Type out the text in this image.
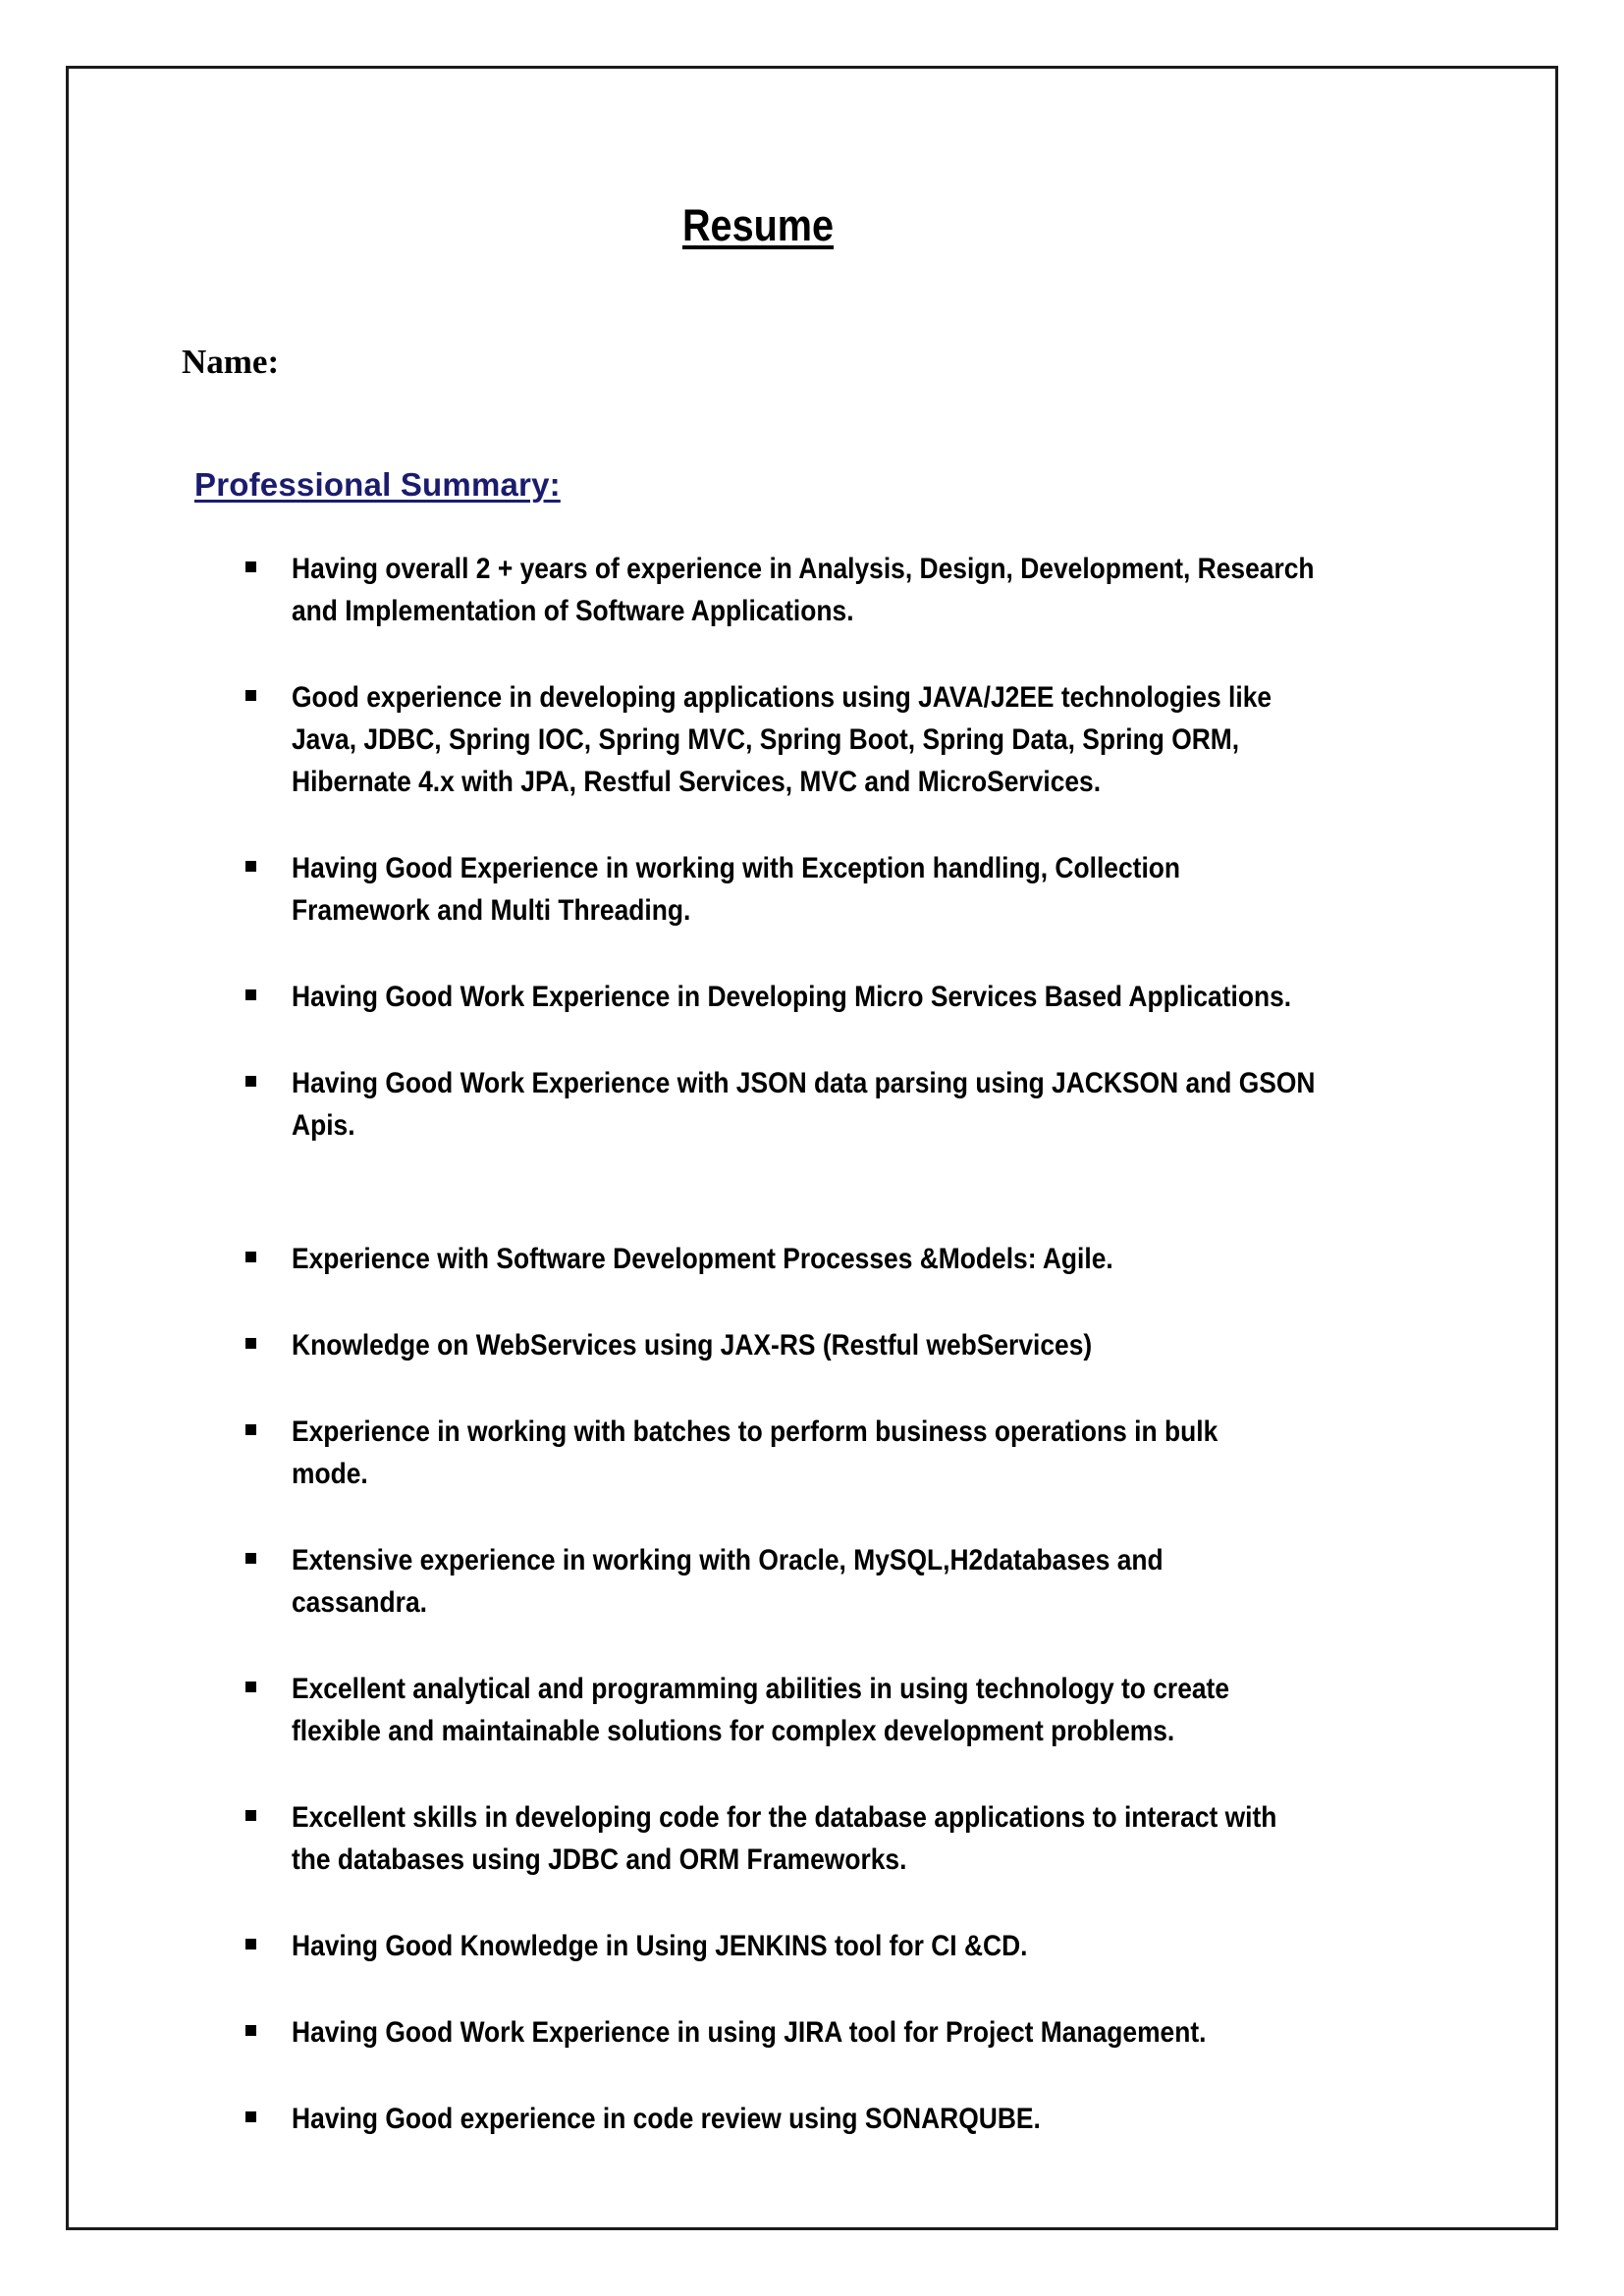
Resume
Name:
Professional Summary:
Having overall 2 + years of experience in Analysis, Design, Development, Research
and Implementation of Software Applications.
Good experience in developing applications using JAVA/J2EE technologies like
Java, JDBC, Spring IOC, Spring MVC, Spring Boot, Spring Data, Spring ORM,
Hibernate 4.x with JPA, Restful Services, MVC and MicroServices.
Having Good Experience in working with Exception handling, Collection
Framework and Multi Threading.
Having Good Work Experience in Developing Micro Services Based Applications.
Having Good Work Experience with JSON data parsing using JACKSON and GSON
Apis.
Experience with Software Development Processes &Models: Agile.
Knowledge on WebServices using JAX-RS (Restful webServices)
Experience in working with batches to perform business operations in bulk
mode.
Extensive experience in working with Oracle, MySQL,H2databases and
cassandra.
Excellent analytical and programming abilities in using technology to create
flexible and maintainable solutions for complex development problems.
Excellent skills in developing code for the database applications to interact with
the databases using JDBC and ORM Frameworks.
Having Good Knowledge in Using JENKINS tool for CI &CD.
Having Good Work Experience in using JIRA tool for Project Management.
Having Good experience in code review using SONARQUBE.
